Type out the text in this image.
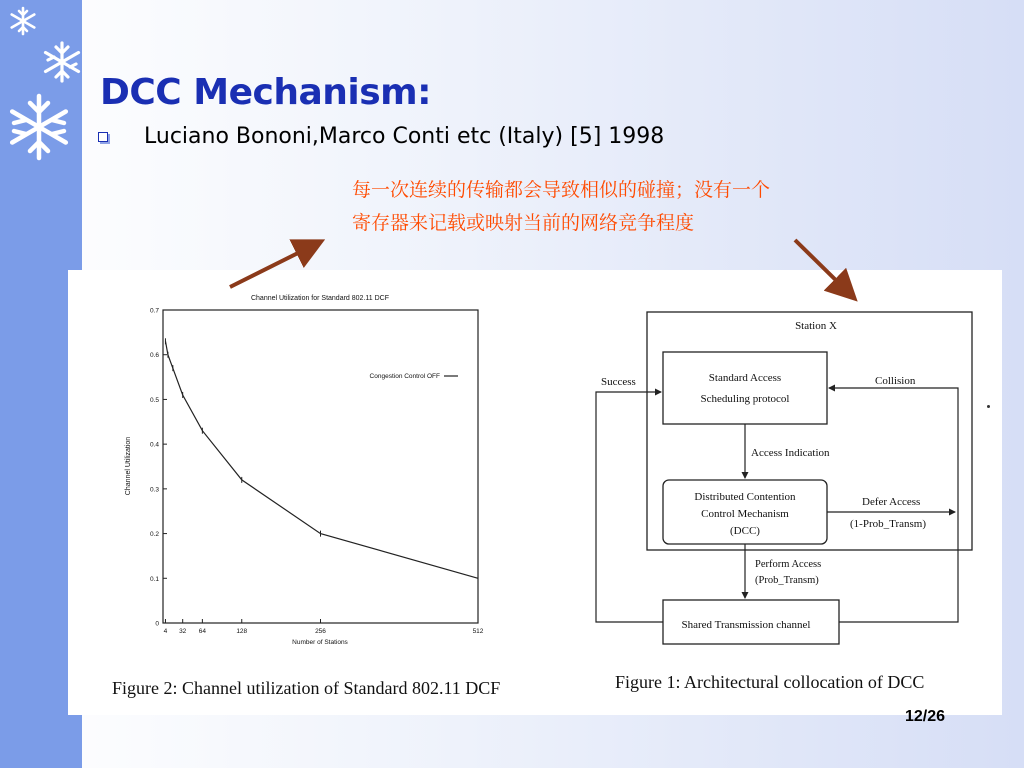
DCC Mechanism:
Luciano Bononi,Marco Conti etc (Italy) [5] 1998

每一次连续的传输都会导致相似的碰撞；没有一个寄存器来记载或映射当前的网络竞争程度

Channel Utilization for Standard 802.11 DCF
0
0.1
0.2
0.3
0.4
0.5
0.6
0.7
4 32 64	128	256	512
Channel Utilization
Number of Stations
Congestion Control OFF
Station X
Standard Access
Scheduling protocol
Distributed Contention
Control Mechanism
(DCC)
Shared Transmission channel
Access Indication
Perform Access
(Prob_Transm)
Defer Access
(1-Prob_Transm)
Collision
Success
Figure 2: Channel utilization of Standard 802.11 DCF	Figure 1: Architectural collocation of DCC
12/26
